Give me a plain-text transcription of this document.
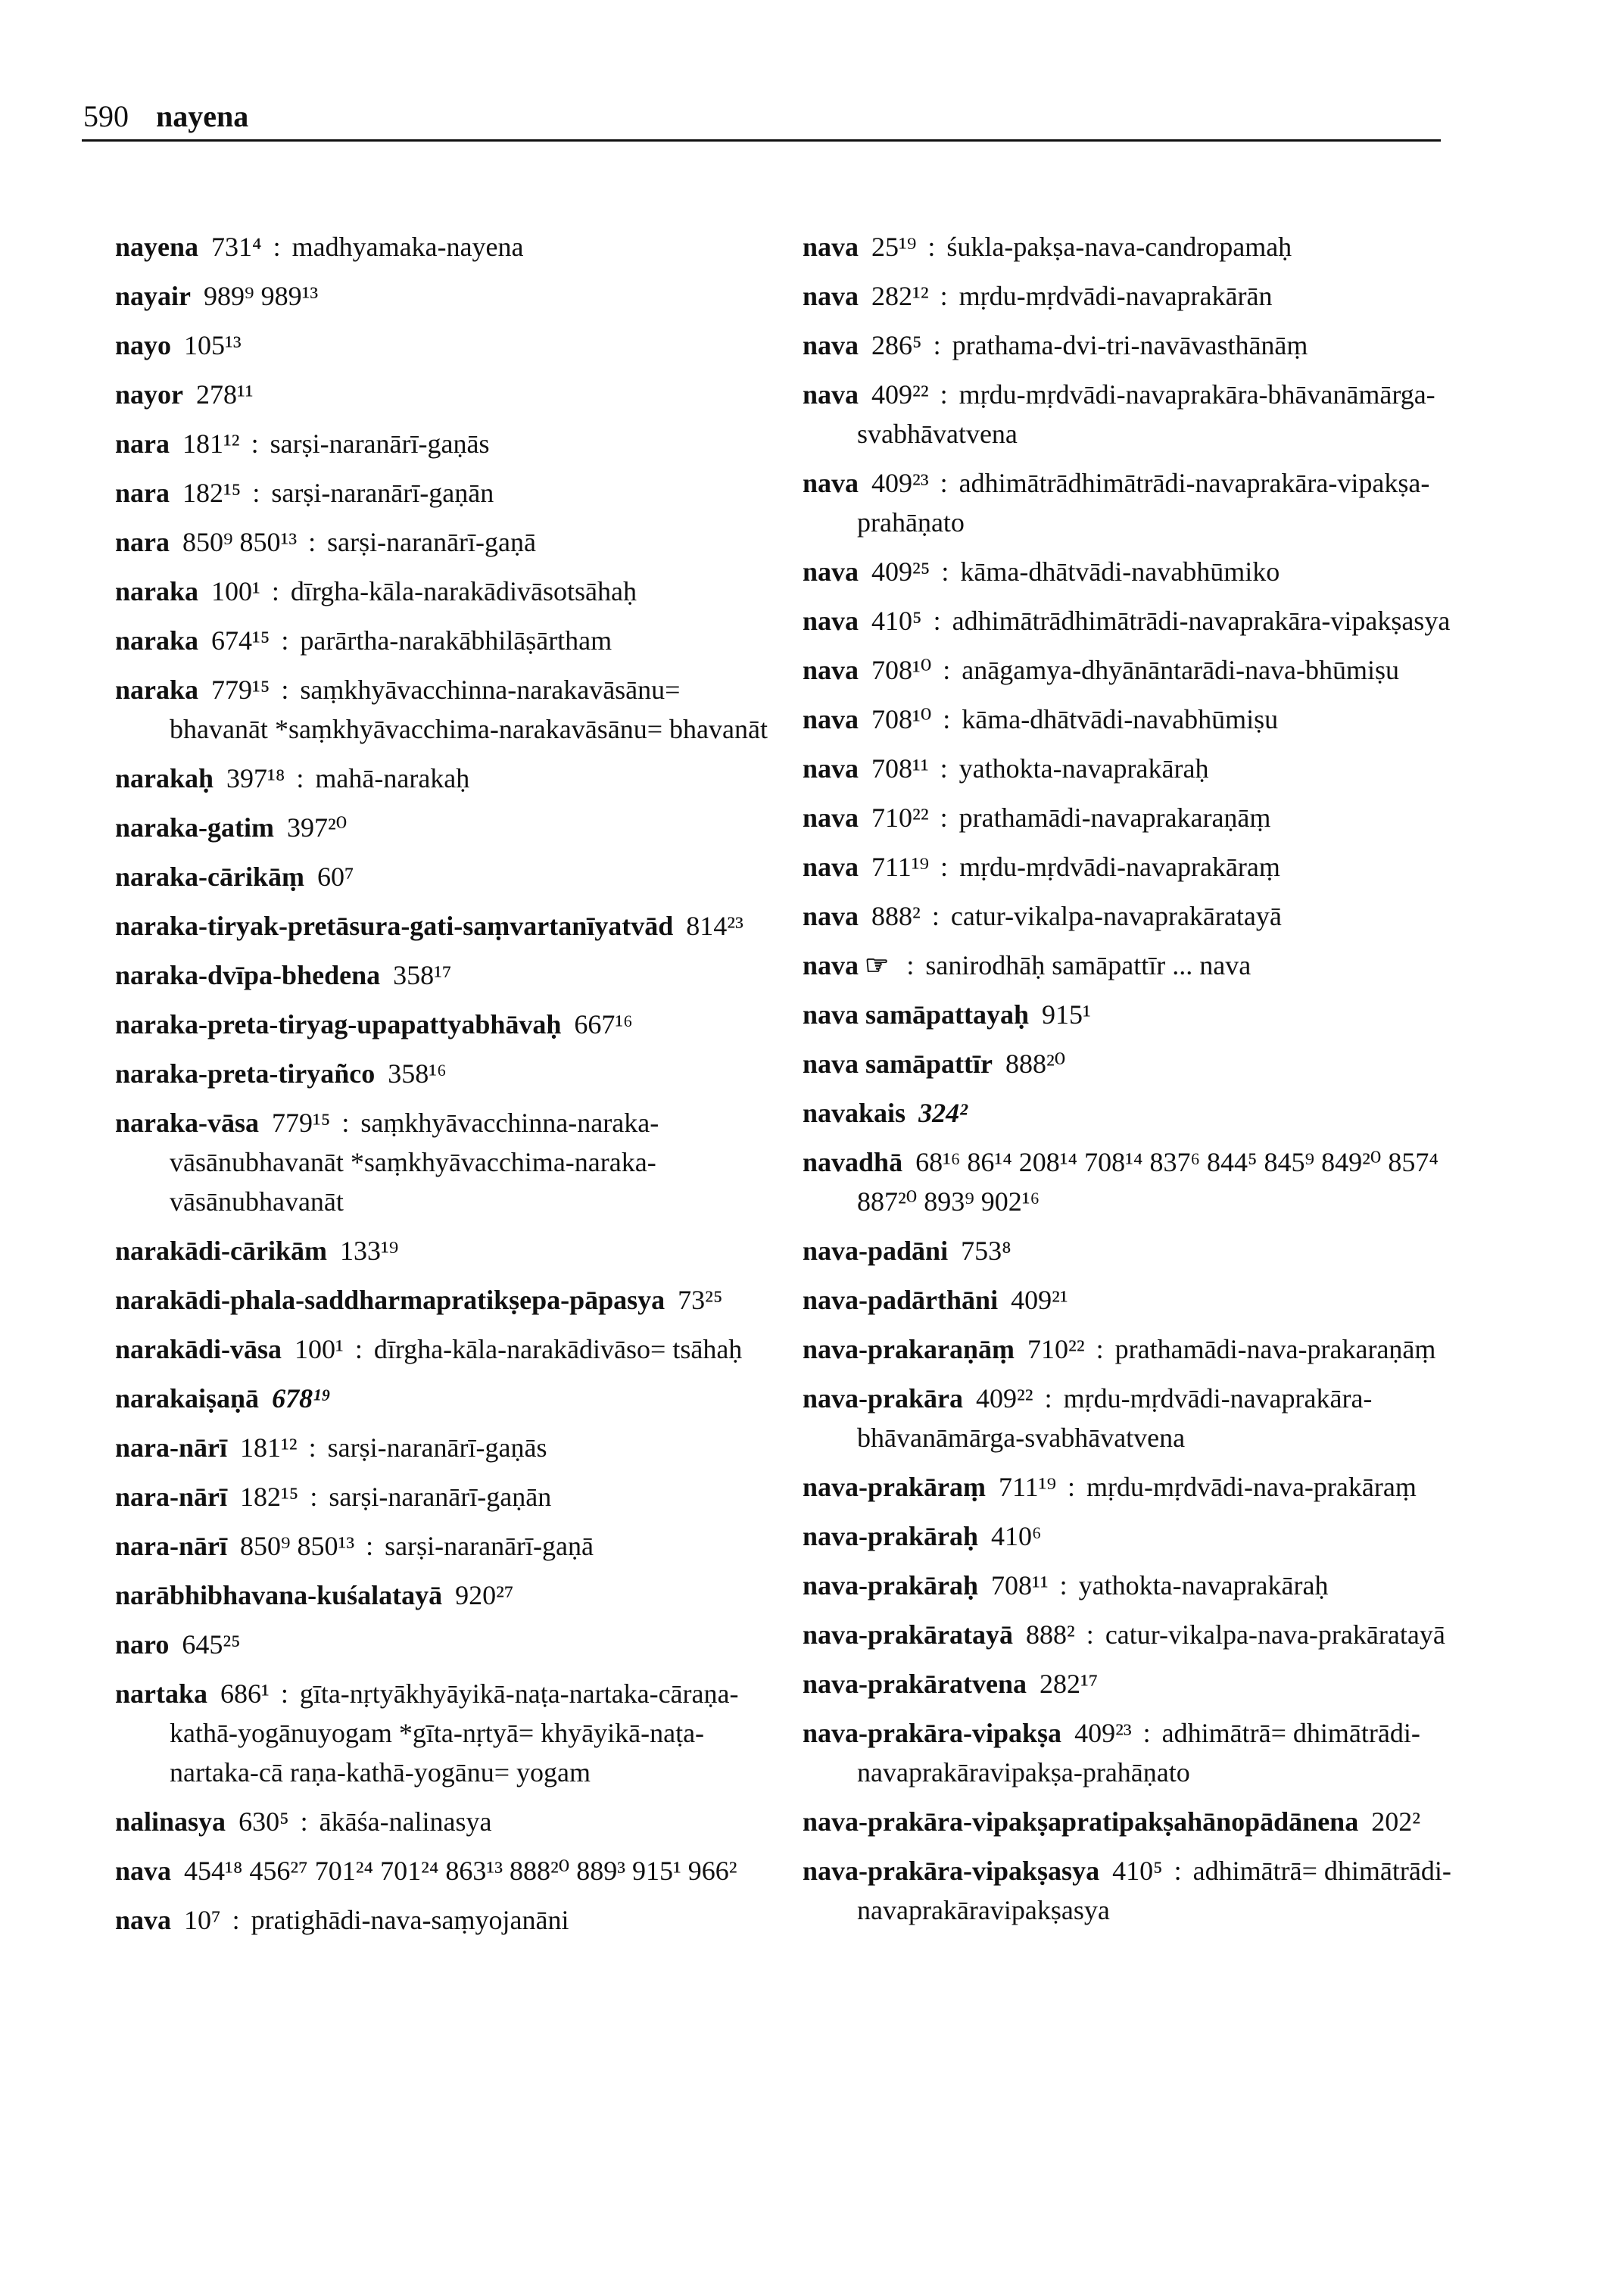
590 nayena

nayena 731⁴ : madhyamaka-nayena

nayair 989⁹ 989¹³

nayo 105¹³

nayor 278¹¹

nara 181¹² : sarṣi-naranārī-gaṇās

nara 182¹⁵ : sarṣi-naranārī-gaṇān

nara 850⁹ 850¹³ : sarṣi-naranārī-gaṇā

naraka 100¹ : dīrgha-kāla-narakādivāsotsāhaḥ

naraka 674¹⁵ : parārtha-narakābhilāṣārtham

naraka 779¹⁵ : saṃkhyāvacchinna-narakavāsānu= bhavanāt *saṃkhyāvacchima-narakavāsānu= bhavanāt

narakaḥ 397¹⁸ : mahā-narakaḥ

naraka-gatim 397²⁰

naraka-cārikāṃ 60⁷

naraka-tiryak-pretāsura-gati-saṃvartanīyatvād 814²³

naraka-dvīpa-bhedena 358¹⁷

naraka-preta-tiryag-upapattyabhāvaḥ 667¹⁶

naraka-preta-tiryañco 358¹⁶

naraka-vāsa 779¹⁵ : saṃkhyāvacchinna-naraka-vāsānubhavanāt *saṃkhyāvacchima-naraka-vāsānubhavanāt

narakādi-cārikām 133¹⁹

narakādi-phala-saddharmapratikṣepa-pāpasya 73²⁵

narakādi-vāsa 100¹ : dīrgha-kāla-narakādivāso= tsāhaḥ

narakaiṣaṇā 678¹⁹

nara-nārī 181¹² : sarṣi-naranārī-gaṇās

nara-nārī 182¹⁵ : sarṣi-naranārī-gaṇān

nara-nārī 850⁹ 850¹³ : sarṣi-naranārī-gaṇā

narābhibhavana-kuśalatayā 920²⁷

naro 645²⁵

nartaka 686¹ : gīta-nṛtyākhyāyikā-naṭa-nartaka-cāraṇa-kathā-yogānuyogam *gīta-nṛtyā= khyāyikā-naṭa-nartaka-cā raṇa-kathā-yogānu= yogam

nalinasya 630⁵ : ākāśa-nalinasya

nava 454¹⁸ 456²⁷ 701²⁴ 701²⁴ 863¹³ 888²⁰ 889³ 915¹ 966²

nava 10⁷ : pratighādi-nava-saṃyojanāni

nava 25¹⁹ : śukla-pakṣa-nava-candropamaḥ

nava 282¹² : mṛdu-mṛdvādi-navaprakārān

nava 286⁵ : prathama-dvi-tri-navāvasthānāṃ

nava 409²² : mṛdu-mṛdvādi-navaprakāra-bhāvanāmārga-svabhāvatvena

nava 409²³ : adhimātrādhimātrādi-navaprakāra-vipakṣa-prahāṇato

nava 409²⁵ : kāma-dhātvādi-navabhūmiko

nava 410⁵ : adhimātrādhimātrādi-navaprakāra-vipakṣasya

nava 708¹⁰ : anāgamya-dhyānāntarādi-nava-bhūmiṣu

nava 708¹⁰ : kāma-dhātvādi-navabhūmiṣu

nava 708¹¹ : yathokta-navaprakāraḥ

nava 710²² : prathamādi-navaprakaraṇāṃ

nava 711¹⁹ : mṛdu-mṛdvādi-navaprakāraṃ

nava 888² : catur-vikalpa-navaprakāratayā

nava ☞ : sanirodhāḥ samāpattīr ... nava

nava samāpattayaḥ 915¹

nava samāpattīr 888²⁰

navakais 324²

navadhā 68¹⁶ 86¹⁴ 208¹⁴ 708¹⁴ 837⁶ 844⁵ 845⁹ 849²⁰ 857⁴ 887²⁰ 893⁹ 902¹⁶

nava-padāni 753⁸

nava-padārthāni 409²¹

nava-prakaraṇāṃ 710²² : prathamādi-nava-prakaraṇāṃ

nava-prakāra 409²² : mṛdu-mṛdvādi-navaprakāra-bhāvanāmārga-svabhāvatvena

nava-prakāraṃ 711¹⁹ : mṛdu-mṛdvādi-nava-prakāraṃ

nava-prakāraḥ 410⁶

nava-prakāraḥ 708¹¹ : yathokta-navaprakāraḥ

nava-prakāratayā 888² : catur-vikalpa-nava-prakāratayā

nava-prakāratvena 282¹⁷

nava-prakāra-vipakṣa 409²³ : adhimātrā= dhimātrādi-navaprakāravipakṣa-prahāṇato

nava-prakāra-vipakṣapratipakṣahānopādānena 202²

nava-prakāra-vipakṣasya 410⁵ : adhimātrā= dhimātrādi-navaprakāravipakṣasya
